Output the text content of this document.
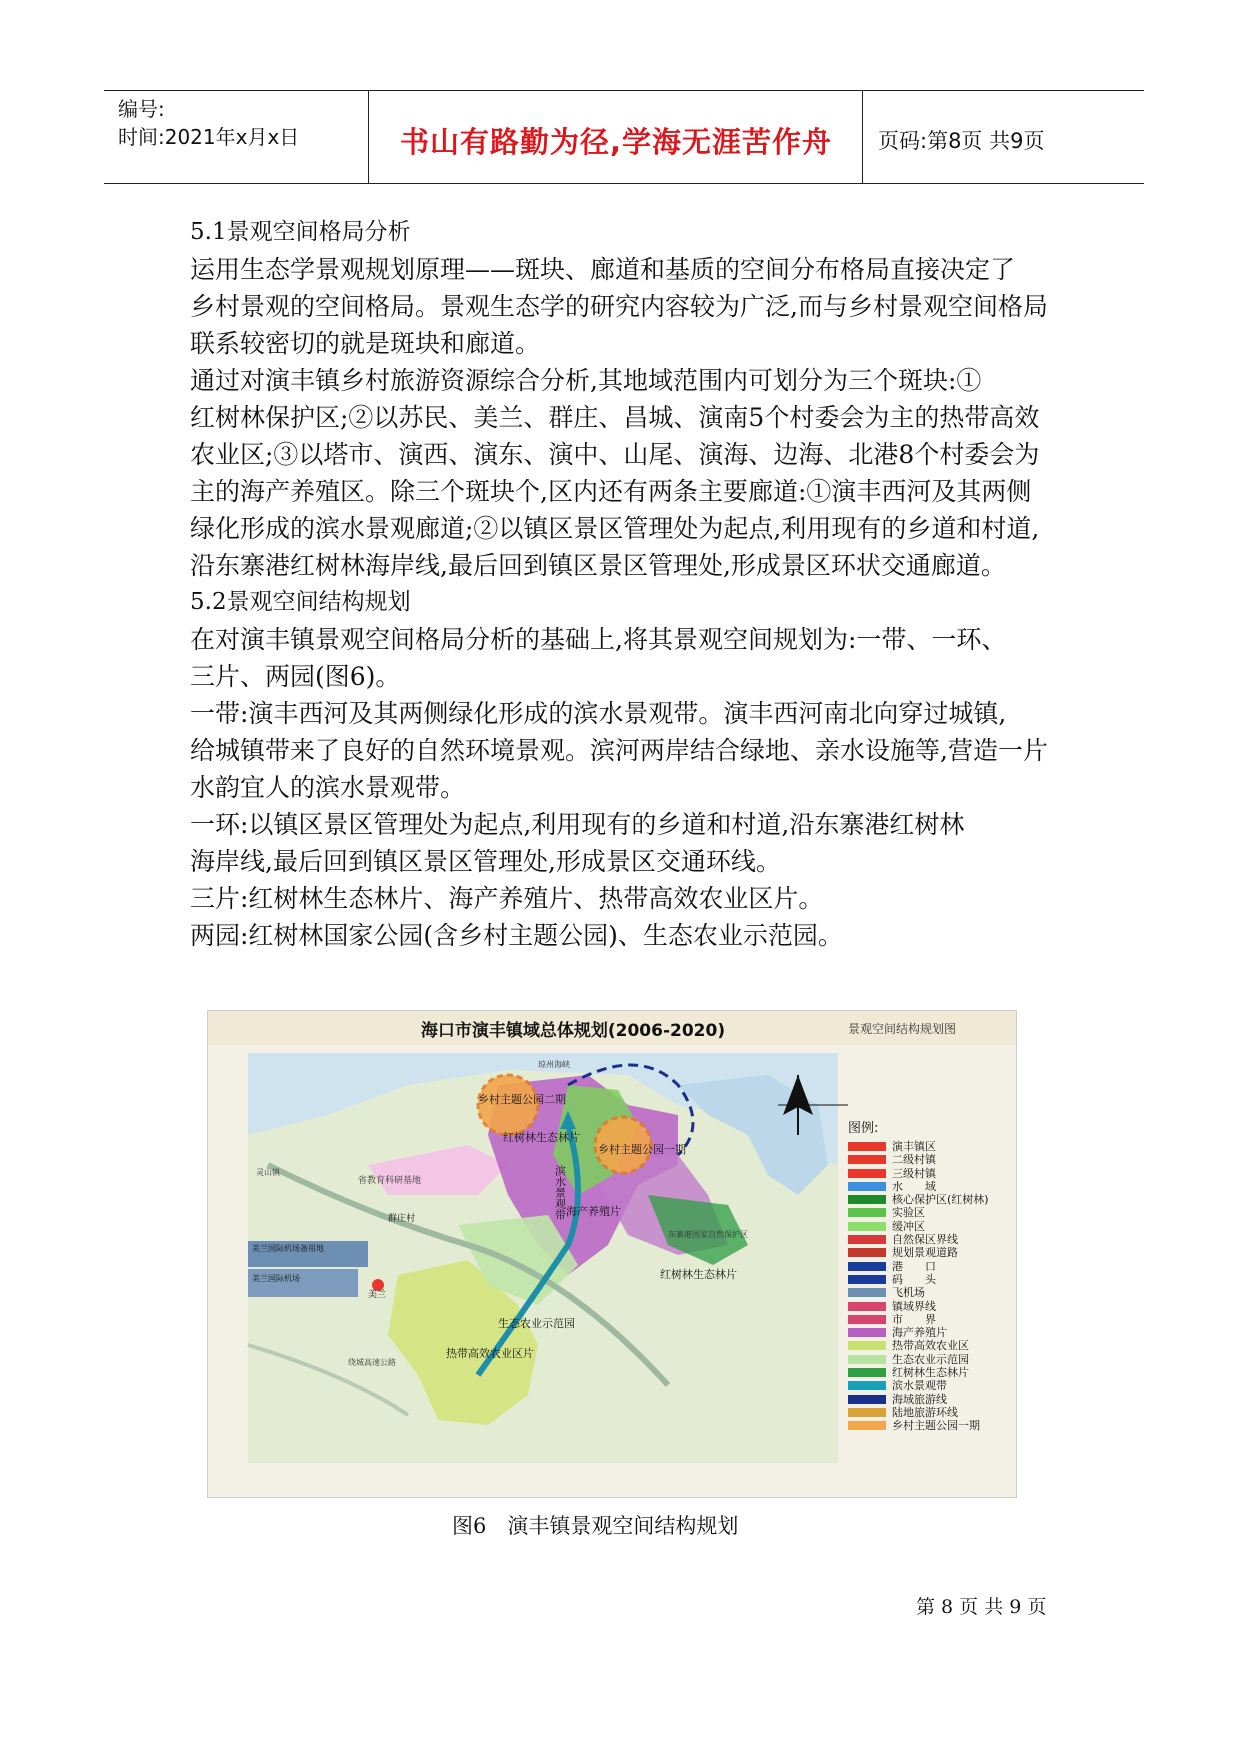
编号:
时间:2021年x月x日	书山有路勤为径,学海无涯苦作舟	页码:第8页 共9页
5.1景观空间格局分析
运用生态学景观规划原理——斑块、廊道和基质的空间分布格局直接决定了
乡村景观的空间格局。景观生态学的研究内容较为广泛,而与乡村景观空间格局
联系较密切的就是斑块和廊道。
通过对演丰镇乡村旅游资源综合分析,其地域范围内可划分为三个斑块:①
红树林保护区;②以苏民、美兰、群庄、昌城、演南5个村委会为主的热带高效
农业区;③以塔市、演西、演东、演中、山尾、演海、边海、北港8个村委会为
主的海产养殖区。除三个斑块个,区内还有两条主要廊道:①演丰西河及其两侧
绿化形成的滨水景观廊道;②以镇区景区管理处为起点,利用现有的乡道和村道,
沿东寨港红树林海岸线,最后回到镇区景区管理处,形成景区环状交通廊道。
5.2景观空间结构规划
在对演丰镇景观空间格局分析的基础上,将其景观空间规划为:一带、一环、
三片、两园(图6)。
一带:演丰西河及其两侧绿化形成的滨水景观带。演丰西河南北向穿过城镇,
给城镇带来了良好的自然环境景观。滨河两岸结合绿地、亲水设施等,营造一片
水韵宜人的滨水景观带。
一环:以镇区景区管理处为起点,利用现有的乡道和村道,沿东寨港红树林
海岸线,最后回到镇区景区管理处,形成景区交通环线。
三片:红树林生态林片、海产养殖片、热带高效农业区片。
两园:红树林国家公园(含乡村主题公园)、生态农业示范园。
海口市演丰镇域总体规划(2006-2020)	景观空间结构规划图
乡村主题公园二期
红树林生态林片
乡村主题公园一期
海产养殖片
红树林生态林片
生态农业示范园
热带高效农业区片
省教育科研基地
美兰国际机场备用地
美兰国际机场
美兰
群庄村
琼州海峡
绕城高速公路
灵山镇
东寨港国家自然保护区
滨水景观带
图例:
演丰镇区
二级村镇
三级村镇
水　　域
核心保护区(红树林)
实验区
缓冲区
自然保区界线
规划景观道路
港　　口
码　　头
飞机场
镇域界线
市　　界
海产养殖片
热带高效农业区
生态农业示范园
红树林生态林片
滨水景观带
海域旅游线
陆地旅游环线
乡村主题公园一期
图6　演丰镇景观空间结构规划
第 8 页 共 9 页
